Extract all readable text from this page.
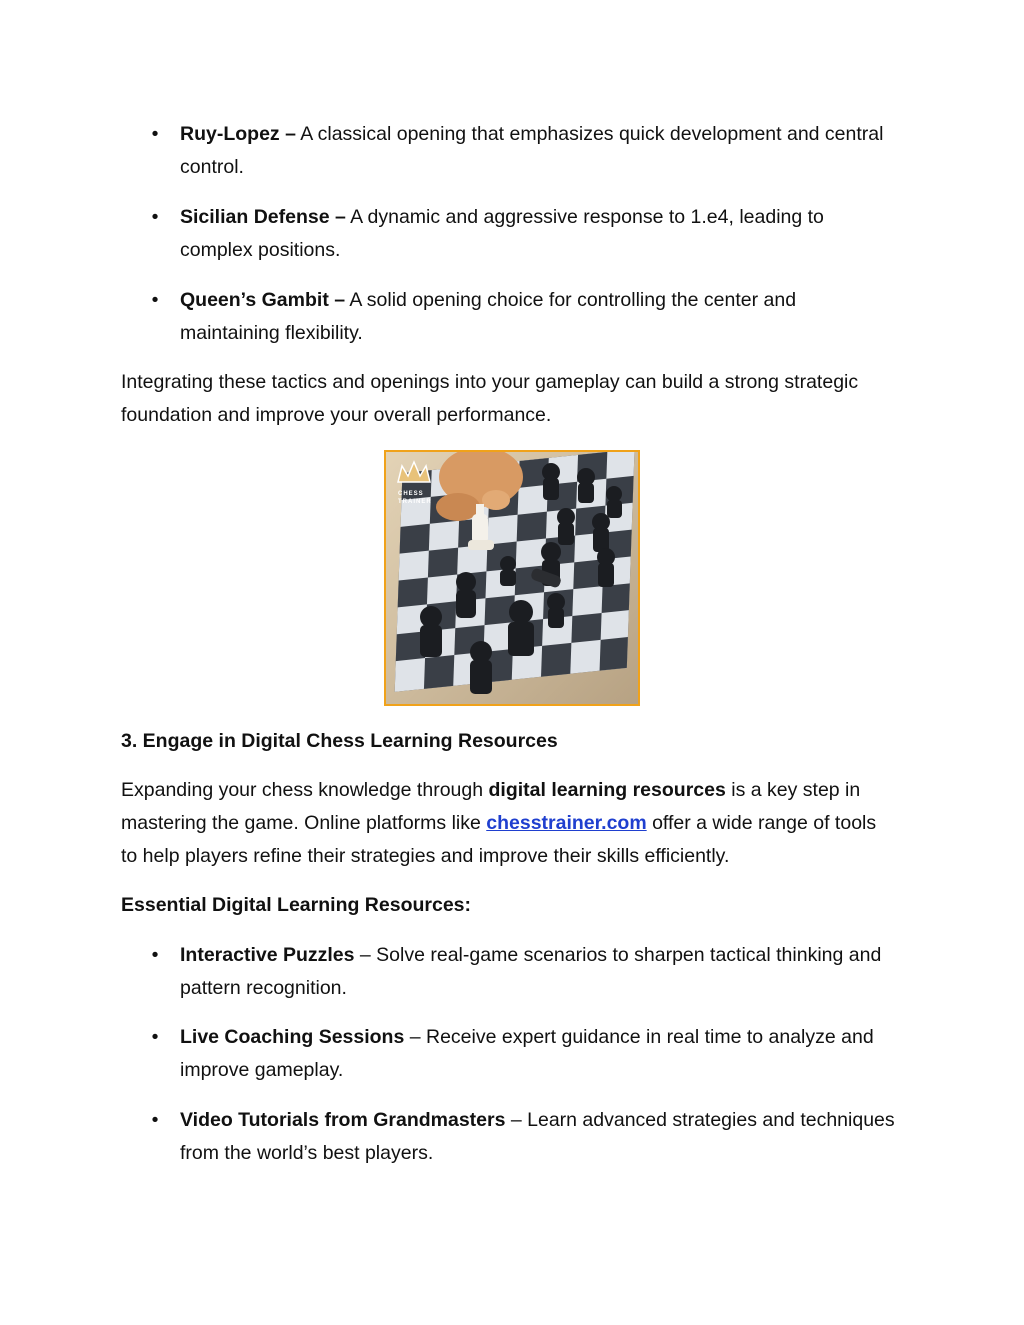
• Ruy-Lopez – A classical opening that emphasizes quick development and central control.
• Sicilian Defense – A dynamic and aggressive response to 1.e4, leading to complex positions.
• Queen’s Gambit – A solid opening choice for controlling the center and maintaining flexibility.

Integrating these tactics and openings into your gameplay can build a strong strategic foundation and improve your overall performance.

CHESS TRAINER
3. Engage in Digital Chess Learning Resources

Expanding your chess knowledge through digital learning resources is a key step in mastering the game. Online platforms like chesstrainer.com offer a wide range of tools to help players refine their strategies and improve their skills efficiently.

Essential Digital Learning Resources:

• Interactive Puzzles – Solve real-game scenarios to sharpen tactical thinking and pattern recognition.
• Live Coaching Sessions – Receive expert guidance in real time to analyze and improve gameplay.
• Video Tutorials from Grandmasters – Learn advanced strategies and techniques from the world’s best players.
